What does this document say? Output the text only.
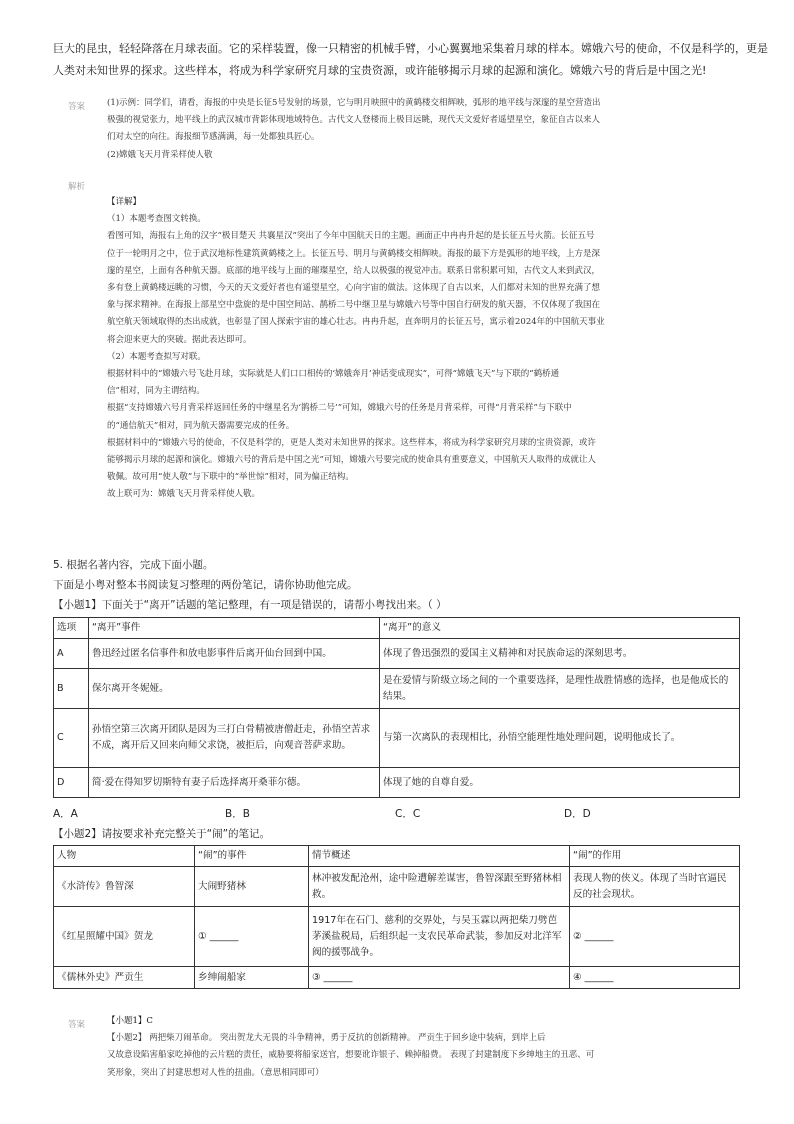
巨大的昆虫，轻轻降落在月球表面。它的采样装置，像一只精密的机械手臂，小心翼翼地采集着月球的样本。嫦娥六号的使命，不仅是科学的，更是
人类对未知世界的探求。这些样本，将成为科学家研究月球的宝贵资源，或许能够揭示月球的起源和演化。嫦娥六号的背后是中国之光!
答案	(1)示例：同学们，请看，海报的中央是长征5号发射的场景，它与明月映照中的黄鹤楼交相辉映，弧形的地平线与深邃的星空营造出
极强的视觉张力，地平线上的武汉城市背影体现地域特色。古代文人登楼而上极目远眺，现代天文爱好者遥望星空，象征自古以来人
们对太空的向往。海报细节感满满，每一处都独具匠心。
(2)嫦娥飞天月背采样使人敬
解析
【详解】
（1）本题考查图文转换。
看图可知，海报右上角的汉字“极目楚天 共襄星汉”突出了今年中国航天日的主题。画面正中冉冉升起的是长征五号火箭。长征五号
位于一轮明月之中，位于武汉地标性建筑黄鹤楼之上。长征五号、明月与黄鹤楼交相辉映。海报的最下方是弧形的地平线，上方是深
邃的星空，上面有各种航天器。底部的地平线与上面的璀璨星空，给人以极强的视觉冲击。联系日常积累可知，古代文人来到武汉，
多有登上黄鹤楼远眺的习惯，今天的天文爱好者也有遥望星空，心向宇宙的做法。这体现了自古以来，人们都对未知的世界充满了想
象与探求精神。在海报上部星空中盘旋的是中国空间站、鹊桥二号中继卫星与嫦娥六号等中国自行研发的航天器，不仅体现了我国在
航空航天领域取得的杰出成就，也彰显了国人探索宇宙的雄心壮志。冉冉升起，直奔明月的长征五号，寓示着2024年的中国航天事业
将会迎来更大的突破。据此表达即可。
（2）本题考查拟写对联。
根据材料中的“嫦娥六号飞赴月球，实际就是人们口口相传的‘嫦娥奔月’神话变成现实”，可得“嫦娥飞天”与下联的“鹤桥通
信”相对，同为主谓结构。
根据“支持嫦娥六号月背采样返回任务的中继星名为‘鹊桥二号’”可知，嫦娥六号的任务是月背采样，可得“月背采样”与下联中
的“通信航天”相对，同为航天器需要完成的任务。
根据材料中的“嫦娥六号的使命，不仅是科学的，更是人类对未知世界的探求。这些样本，将成为科学家研究月球的宝贵资源，或许
能够揭示月球的起源和演化。嫦娥六号的背后是中国之光”可知，嫦娥六号要完成的使命具有重要意义，中国航天人取得的成就让人
敬佩。故可用“使人敬”与下联中的“举世惊”相对，同为偏正结构。
故上联可为：嫦娥飞天月背采样使人敬。
5. 根据名著内容，完成下面小题。
下面是小粤对整本书阅读复习整理的两份笔记，请你协助他完成。
【小题1】下面关于“离开”话题的笔记整理，有一项是错误的，请帮小粤找出来。（ ）
选项	“离开”事件	“离开”的意义
A	鲁迅经过匿名信事件和放电影事件后离开仙台回到中国。	体现了鲁迅强烈的爱国主义精神和对民族命运的深刻思考。
B	保尔离开冬妮娅。	是在爱情与阶级立场之间的一个重要选择，是理性战胜情感的选择，也是他成长的结果。
C	孙悟空第三次离开团队是因为三打白骨精被唐僧赶走，孙悟空苦求不成，离开后又回来向师父求饶，被拒后，向观音菩萨求助。	与第一次离队的表现相比，孙悟空能理性地处理问题，说明他成长了。
D	简·爱在得知罗切斯特有妻子后选择离开桑菲尔德。	体现了她的自尊自爱。
A．A	B．B	C．C	D．D
【小题2】请按要求补充完整关于“闹”的笔记。
人物	“闹”的事件	情节概述	“闹”的作用
《水浒传》鲁智深	大闹野猪林	林冲被发配沧州，途中险遭解差谋害，鲁智深跟至野猪林相救。	表现人物的侠义。体现了当时官逼民反的社会现状。
《红星照耀中国》贺龙	① ______	1917年在石门、慈利的交界处，与吴玉霖以两把柴刀劈芭茅溪盐税局，后组织起一支农民革命武装，参加反对北洋军阀的援鄂战争。	② ______
《儒林外史》严贡生	乡绅闹船家	③ ______	④ ______
答案	【小题1】C
【小题2】 两把柴刀闹革命。 突出贺龙大无畏的斗争精神，勇于反抗的创新精神。 严贡生于回乡途中装病，到岸上后
又故意设陷害船家吃掉他的云片糕的责任，威胁要将船家送官，想要讹诈银子、赖掉船费。 表现了封建制度下乡绅地主的丑恶、可
笑形象，突出了封建思想对人性的扭曲。（意思相同即可）
